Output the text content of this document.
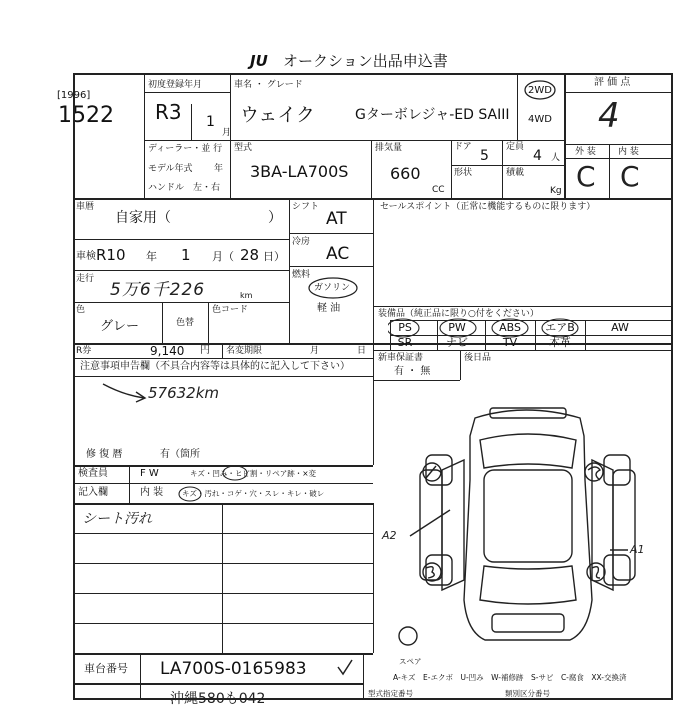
JU	オークション出品申込書
[1996]
1522
初度登録年月
R3 1
月
ディーラー・並 行
モデル年式 年
ハンドル　左・右
車名 ・ グレード
ウェイク	Gターボレジャ-ED SAIII
2WD
4WD
型式
3BA-LA700S
排気量
660
CC
ドア
5
形状
定員
4 人
積載
Kg
評 価 点
4
外 装 内 装
C C
車暦
自家用（	）
車検 R10 年 1 月（ 28 日）
走行
5万6千226	km
色
グレー	色替
色コード
シフト
AT
冷房
AC
燃料
ガソリン
軽 油
セールスポイント（正常に機能するものに限ります）
装備品（純正品に限り○付をください）
PS	PW	ABS	エアB	AW
SR	ナビ	TV	本革
R券	9,140 円 名変期限	月	日
新車保証書
有 ・ 無
後日品
注意事項申告欄（不具合内容等は具体的に記入して下さい）
57632km
修 復 暦	有（箇所
検査員
記入欄
F W	キズ・凹み・ヒビ割・リペア跡・×変
内 装	キズ・汚れ・コゲ・穴・スレ・キレ・破レ
シート汚れ
A2
A1
スペア
A-キズ　E-エクボ　U-凹み　W-補修跡　S-サビ　C-腐食　XX-交換済
車台番号 LA700S-0165983
沖縄580も042	型式指定番号	類別区分番号
